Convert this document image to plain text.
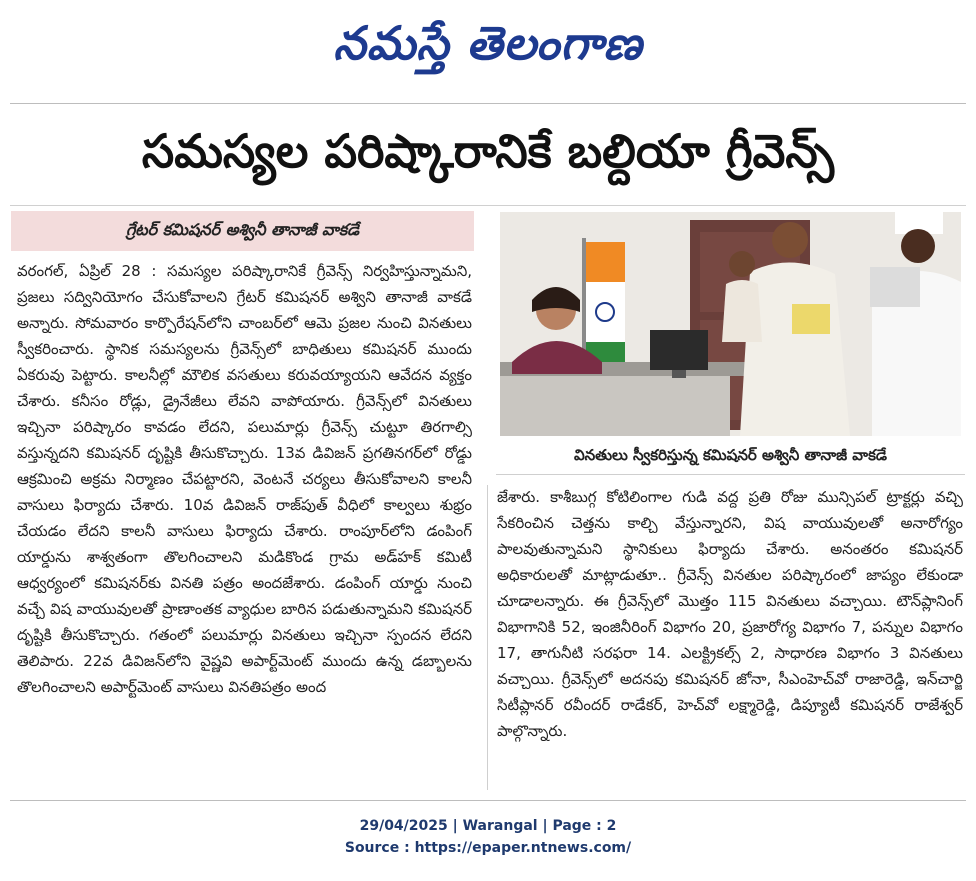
నమస్తే తెలంగాణ
సమస్యల పరిష్కారానికే బల్దియా గ్రీవెన్స్
గ్రేటర్ కమిషనర్ అశ్వినీ తానాజీ వాకడే

వరంగల్, ఏప్రిల్ 28 : సమస్యల పరిష్కారానికే గ్రీవెన్స్ నిర్వహిస్తున్నామని, ప్రజలు సద్వినియోగం చేసుకోవాలని గ్రేటర్ కమిషనర్ అశ్విని తానాజీ వాకడే అన్నారు. సోమవారం కార్పొరేషన్‌లోని చాంబర్‌లో ఆమె ప్రజల నుంచి వినతులు స్వీకరించారు. స్థానిక సమస్యలను గ్రీవెన్స్‌లో బాధితులు కమిషనర్ ముందు ఏకరువు పెట్టారు. కాలనీల్లో మౌలిక వసతులు కరువయ్యాయని ఆవేదన వ్యక్తం చేశారు. కనీసం రోడ్లు, డ్రైనేజీలు లేవని వాపోయారు. గ్రీవెన్స్‌లో వినతులు ఇచ్చినా పరిష్కారం కావడం లేదని, పలుమార్లు గ్రీవెన్స్ చుట్టూ తిరగాల్సి వస్తున్నదని కమిషనర్ దృష్టికి తీసుకొచ్చారు. 13వ డివిజన్ ప్రగతినగర్‌లో రోడ్డు ఆక్రమించి అక్రమ నిర్మాణం చేపట్టారని, వెంటనే చర్యలు తీసుకోవాలని కాలనీ వాసులు ఫిర్యాదు చేశారు. 10వ డివిజన్ రాజ్‌పుత్ వీధిలో కాల్వలు శుభ్రం చేయడం లేదని కాలనీ వాసులు ఫిర్యాదు చేశారు. రాంపూర్‌లోని డంపింగ్ యార్డును శాశ్వతంగా తొలగించాలని మడికొండ గ్రామ అడ్‌హక్ కమిటీ ఆధ్వర్యంలో కమిషనర్‌కు వినతి పత్రం అందజేశారు. డంపింగ్ యార్డు నుంచి వచ్చే విష వాయువులతో ప్రాణాంతక వ్యాధుల బారిన పడుతున్నామని కమిషనర్ దృష్టికి తీసుకొచ్చారు. గతంలో పలుమార్లు వినతులు ఇచ్చినా స్పందన లేదని తెలిపారు. 22వ డివిజన్‌లోని వైష్ణవి అపార్ట్‌మెంట్ ముందు ఉన్న డబ్బాలను తొలగించాలని అపార్ట్‌మెంట్ వాసులు వినతిపత్రం అంద

వినతులు స్వీకరిస్తున్న కమిషనర్ అశ్వినీ తానాజీ వాకడే

జేశారు. కాశీబుగ్గ కోటిలింగాల గుడి వద్ద ప్రతి రోజు మున్సిపల్ ట్రాక్టర్లు వచ్చి సేకరించిన చెత్తను కాల్చి వేస్తున్నారని, విష వాయువులతో అనారోగ్యం పాలవుతున్నామని స్థానికులు ఫిర్యాదు చేశారు. అనంతరం కమిషనర్ అధికారులతో మాట్లాడుతూ.. గ్రీవెన్స్ వినతుల పరిష్కారంలో జాప్యం లేకుండా చూడాలన్నారు. ఈ గ్రీవెన్స్‌లో మొత్తం 115 వినతులు వచ్చాయి. టౌన్‌ప్లానింగ్ విభాగానికి 52, ఇంజినీరింగ్ విభాగం 20, ప్రజారోగ్య విభాగం 7, పన్నుల విభాగం 17, తాగునీటి సరఫరా 14. ఎలక్ట్రికల్స్ 2, సాధారణ విభాగం 3 వినతులు వచ్చాయి. గ్రీవెన్స్‌లో అదనపు కమిషనర్ జోనా, సీఎంహెచ్‌వో రాజారెడ్డి, ఇన్‌చార్జి సిటీప్లానర్ రవీందర్ రాడేకర్, హెచ్‌వో లక్ష్మారెడ్డి, డిప్యూటీ కమిషనర్ రాజేశ్వర్ పాల్గొన్నారు.

29/04/2025 | Warangal | Page : 2
Source : https://epaper.ntnews.com/
